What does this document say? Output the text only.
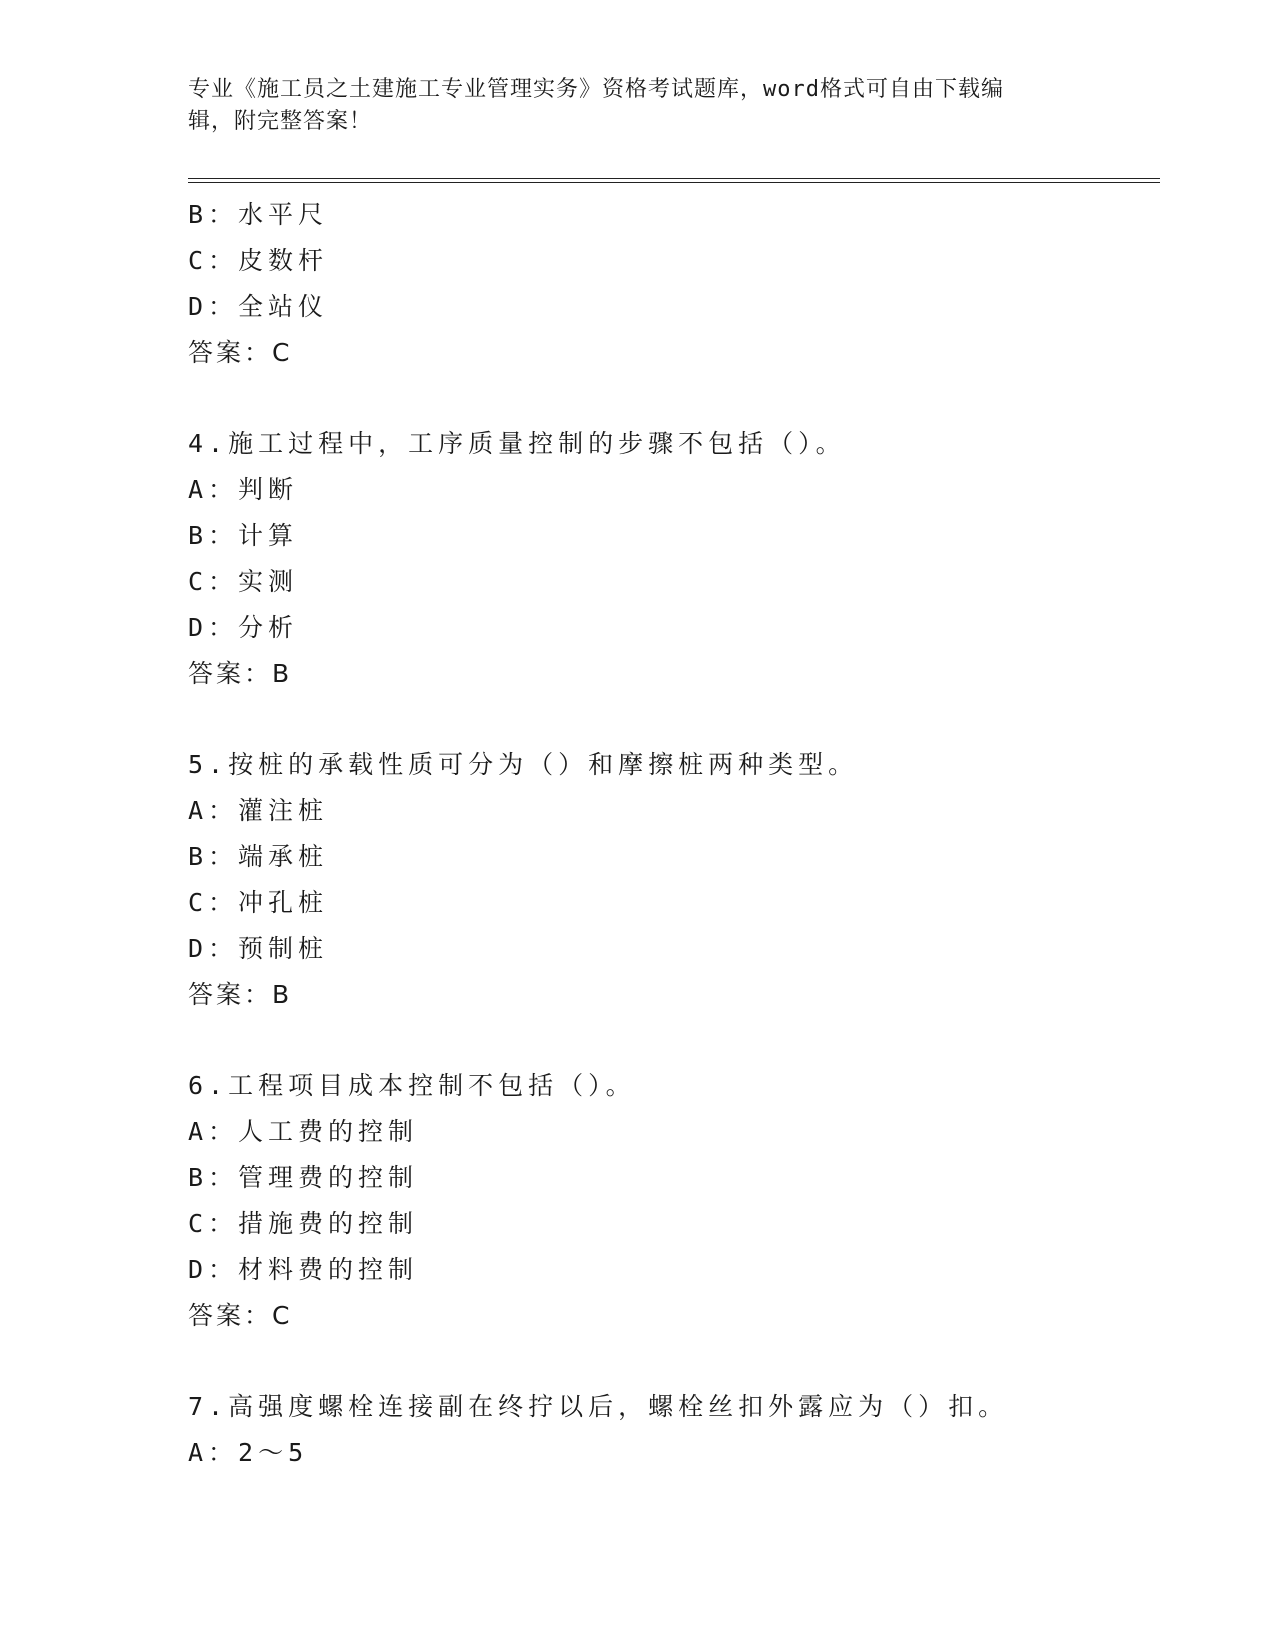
专业《施工员之土建施工专业管理实务》资格考试题库，word格式可自由下载编
辑，附完整答案！
B：水平尺
C：皮数杆
D：全站仪
答案：C
4.施工过程中，工序质量控制的步骤不包括（）。
A：判断
B：计算
C：实测
D：分析
答案：B
5.按桩的承载性质可分为（）和摩擦桩两种类型。
A：灌注桩
B：端承桩
C：冲孔桩
D：预制桩
答案：B
6.工程项目成本控制不包括（）。
A：人工费的控制
B：管理费的控制
C：措施费的控制
D：材料费的控制
答案：C
7.高强度螺栓连接副在终拧以后，螺栓丝扣外露应为（）扣。
A：2～5
